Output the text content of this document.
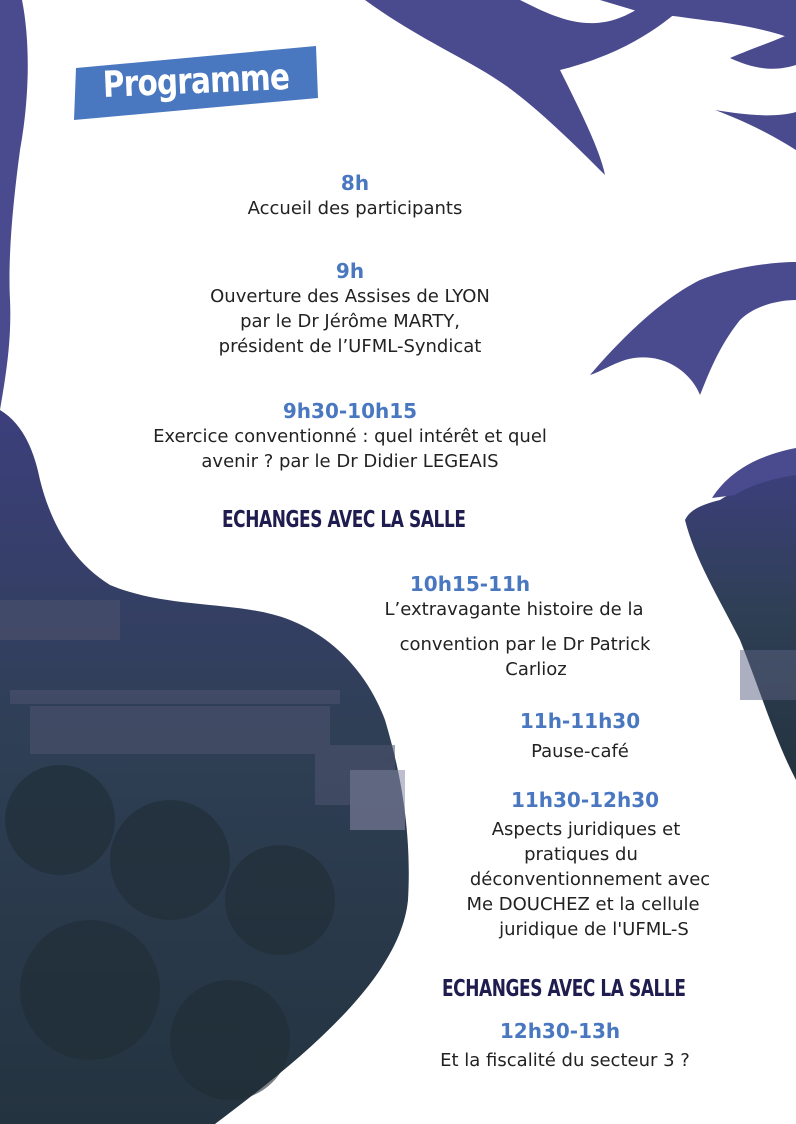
Programme
8h
Accueil des participants
9h
Ouverture des Assises de LYON
par le Dr Jérôme MARTY,
président de l’UFML-Syndicat
9h30-10h15
Exercice conventionné : quel intérêt et quel
avenir ? par le Dr Didier LEGEAIS
ECHANGES AVEC LA SALLE
10h15-11h
L’extravagante histoire de la
convention par le Dr Patrick
Carlioz
11h-11h30
Pause-café
11h30-12h30
Aspects juridiques et
pratiques du
déconventionnement avec
Me DOUCHEZ et la cellule
juridique de l'UFML-S
ECHANGES AVEC LA SALLE
12h30-13h
Et la fiscalité du secteur 3 ?
